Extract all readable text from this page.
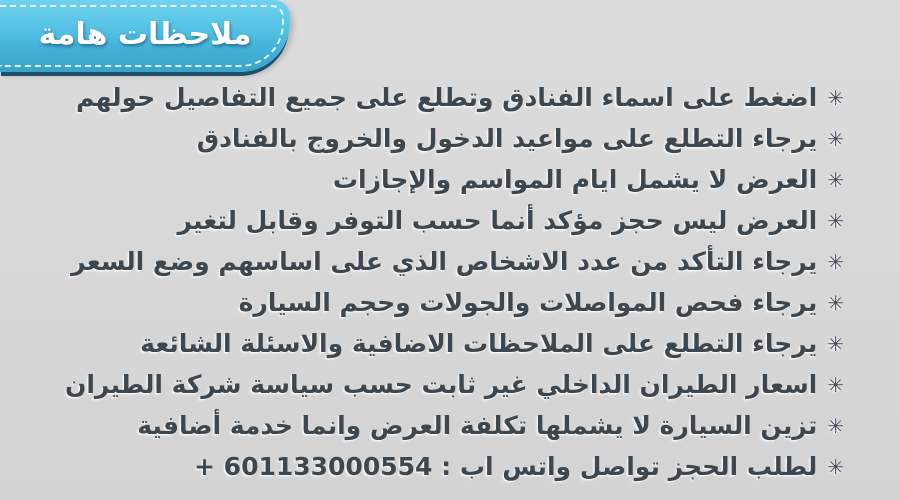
ملاحظات هامة
✳اضغط على اسماء الفنادق وتطلع على جميع التفاصيل حولهم
✳يرجاء التطلع على مواعيد الدخول والخروج بالفنادق
✳العرض لا يشمل ايام المواسم والإجازات
✳العرض ليس حجز مؤكد أنما حسب التوفر وقابل لتغير
✳يرجاء التأكد من عدد الاشخاص الذي على اساسهم وضع السعر
✳يرجاء فحص المواصلات والجولات وحجم السيارة
✳يرجاء التطلع على الملاحظات الاضافية والاسئلة الشائعة
✳اسعار الطيران الداخلي غير ثابت حسب سياسة شركة الطيران
✳تزين السيارة لا يشملها تكلفة العرض وانما خدمة أضافية
✳لطلب الحجز تواصل واتس اب : 601133000554 +
